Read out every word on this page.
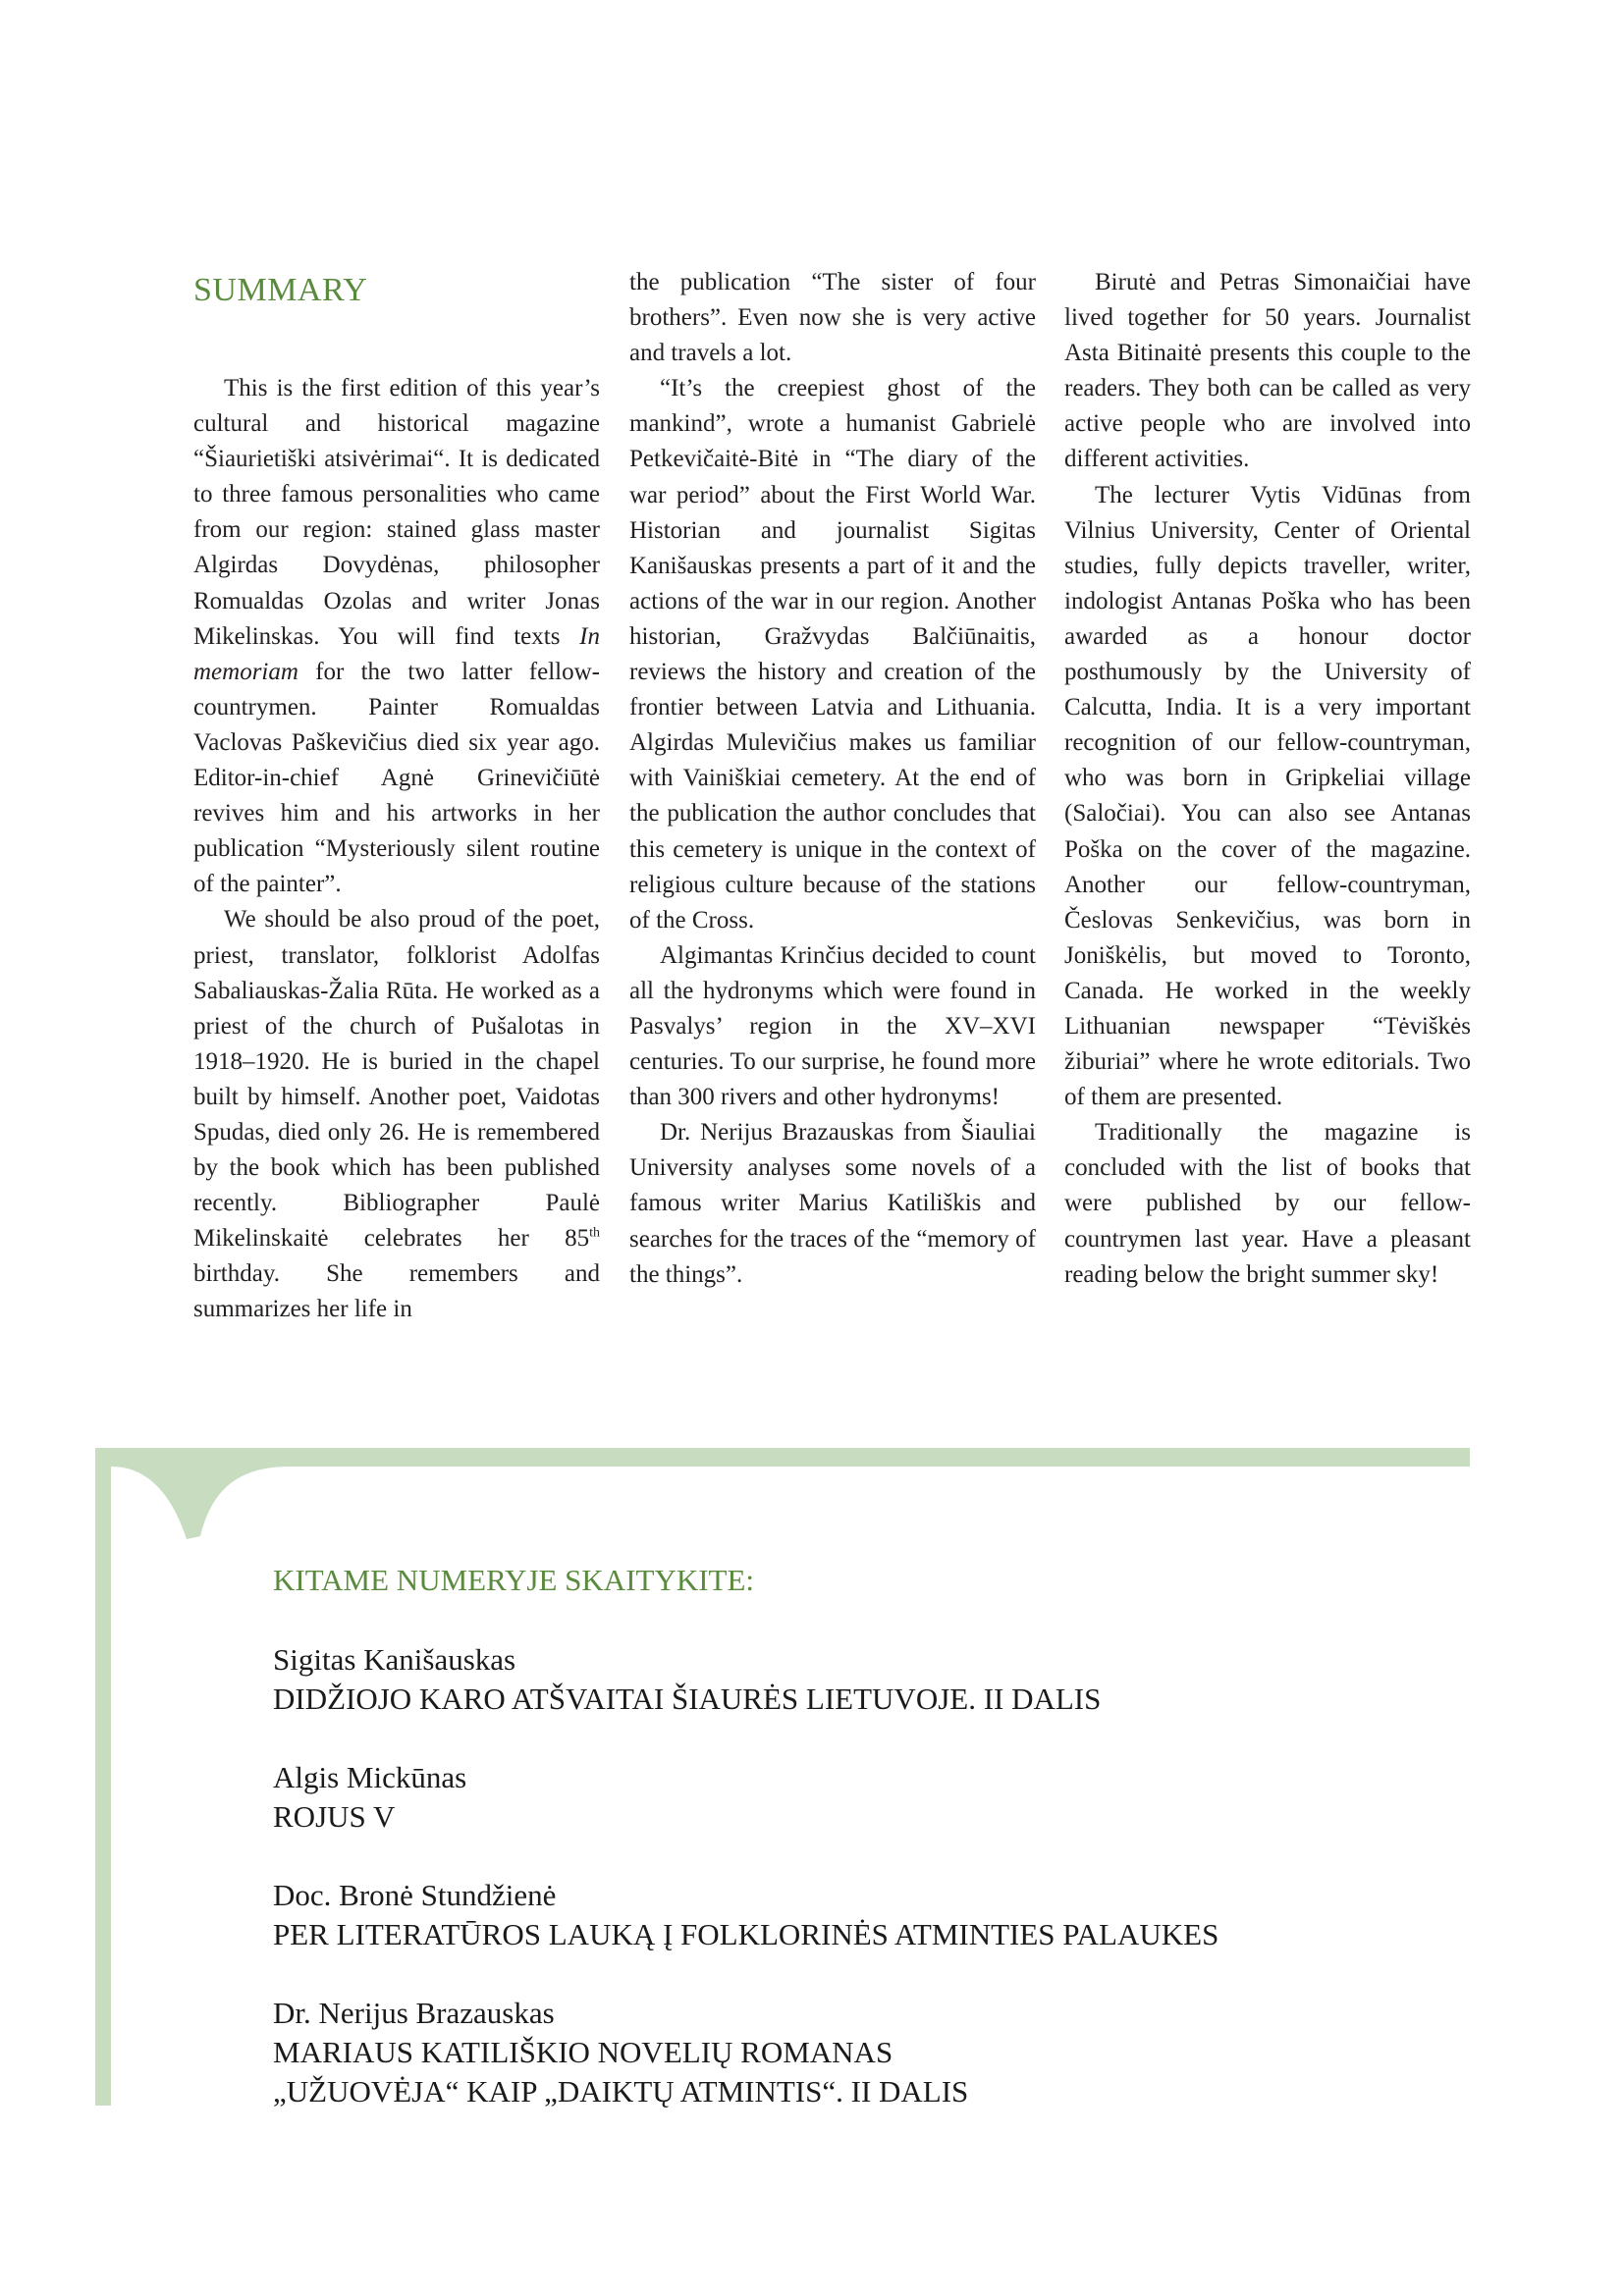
SUMMARY

This is the first edition of this year’s cultural and historical magazine “Šiaurietiški atsivėrimai“. It is dedicated to three famous personalities who came from our region: stained glass master Algirdas Dovydėnas, philosopher Romualdas Ozolas and writer Jonas Mikelinskas. You will find texts In memoriam for the two latter fellow-countrymen. Painter Romualdas Vaclovas Paškevičius died six year ago. Editor-in-chief Agnė Grinevičiūtė revives him and his artworks in her publication “Mysteriously silent routine of the painter”.

We should be also proud of the poet, priest, translator, folklorist Adolfas Sabaliauskas-Žalia Rūta. He worked as a priest of the church of Pušalotas in 1918–1920. He is buried in the chapel built by himself. Another poet, Vaidotas Spudas, died only 26. He is remembered by the book which has been published recently. Bibliographer Paulė Mikelinskaitė celebrates her 85th birthday. She remembers and summarizes her life in

the publication “The sister of four brothers”. Even now she is very active and travels a lot.

“It’s the creepiest ghost of the mankind”, wrote a humanist Gabrielė Petkevičaitė-Bitė in “The diary of the war period” about the First World War. Historian and journalist Sigitas Kanišauskas presents a part of it and the actions of the war in our region. Another historian, Gražvydas Balčiūnaitis, reviews the history and creation of the frontier between Latvia and Lithuania. Algirdas Mulevičius makes us familiar with Vainiškiai cemetery. At the end of the publication the author concludes that this cemetery is unique in the context of religious culture because of the stations of the Cross.

Algimantas Krinčius decided to count all the hydronyms which were found in Pasvalys’ region in the XV–XVI centuries. To our surprise, he found more than 300 rivers and other hydronyms!

Dr. Nerijus Brazauskas from Šiauliai University analyses some novels of a famous writer Marius Katiliškis and searches for the traces of the “memory of the things”.

Birutė and Petras Simonaičiai have lived together for 50 years. Journalist Asta Bitinaitė presents this couple to the readers. They both can be called as very active people who are involved into different activities.

The lecturer Vytis Vidūnas from Vilnius University, Center of Oriental studies, fully depicts traveller, writer, indologist Antanas Poška who has been awarded as a honour doctor posthumously by the University of Calcutta, India. It is a very important recognition of our fellow-countryman, who was born in Gripkeliai village (Saločiai). You can also see Antanas Poška on the cover of the magazine. Another our fellow-countryman, Česlovas Senkevičius, was born in Joniškėlis, but moved to Toronto, Canada. He worked in the weekly Lithuanian newspaper “Tėviškės žiburiai” where he wrote editorials. Two of them are presented.

Traditionally the magazine is concluded with the list of books that were published by our fellow-countrymen last year. Have a pleasant reading below the bright summer sky!

KITAME NUMERYJE SKAITYKITE:
Sigitas Kanišauskas
DIDŽIOJO KARO ATŠVAITAI ŠIAURĖS LIETUVOJE. II DALIS
Algis Mickūnas
ROJUS V
Doc. Bronė Stundžienė
PER LITERATŪROS LAUKĄ Į FOLKLORINĖS ATMINTIES PALAUKES
Dr. Nerijus Brazauskas
MARIAUS KATILIŠKIO NOVELIŲ ROMANAS
„UŽUOVĖJA“ KAIP „DAIKTŲ ATMINTIS“. II DALIS
